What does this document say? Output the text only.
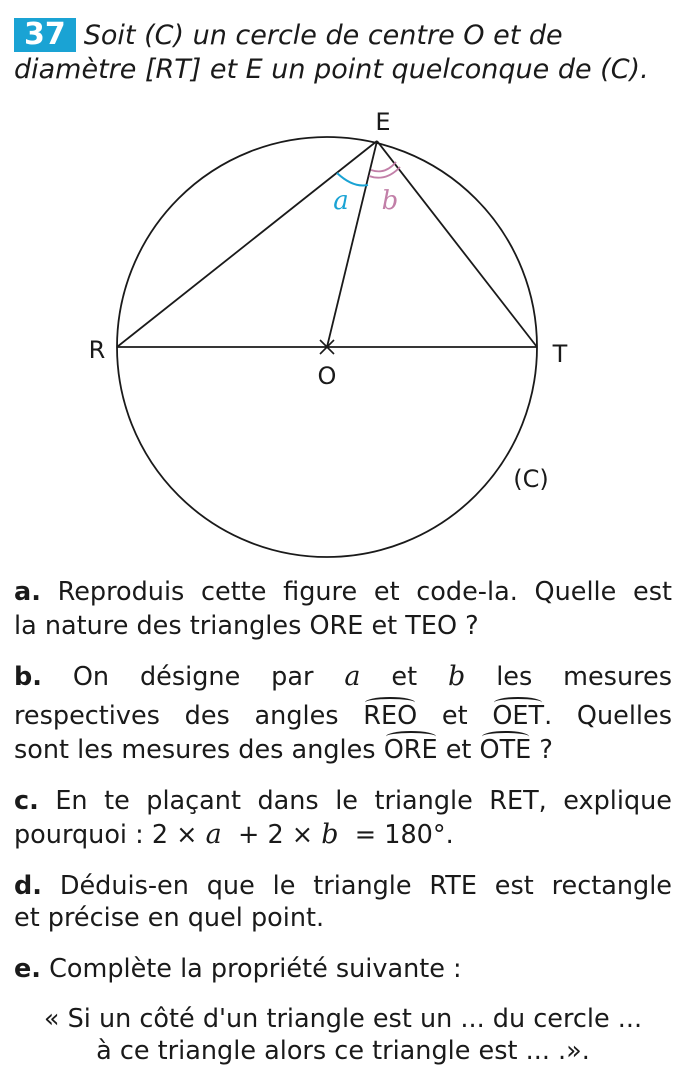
37 Soit (C) un cercle de centre O et de
diamètre [RT] et E un point quelconque de (C).
E
R	T
O
(C)
a b
a. Reproduis cette figure et code-la. Quelle est
la nature des triangles ORE et TEO ?
b. On désigne par a et b les mesures
respectives des angles REO et OET. Quelles
sont les mesures des angles ORE et OTE ?
c. En te plaçant dans le triangle RET, explique
pourquoi : 2 × a + 2 × b = 180°.
d. Déduis-en que le triangle RTE est rectangle
et précise en quel point.
e. Complète la propriété suivante :
« Si un côté d'un triangle est un ... du cercle ...
à ce triangle alors ce triangle est ... .».
